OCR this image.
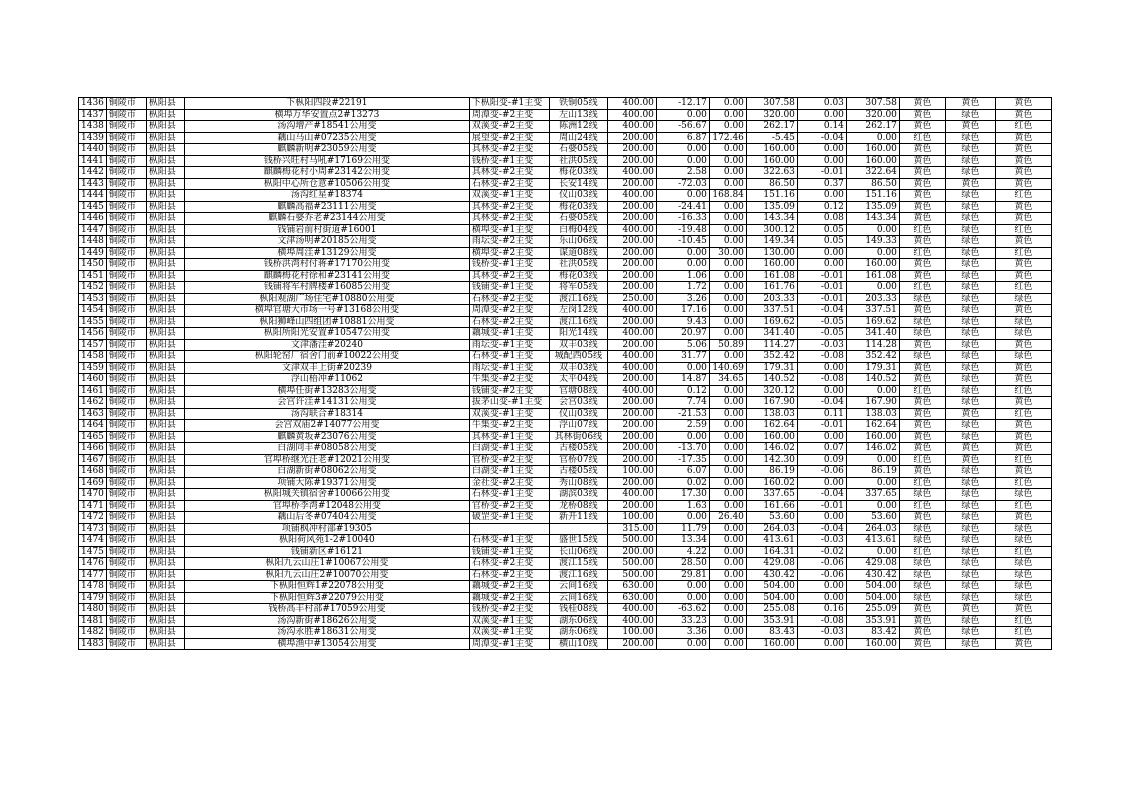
1436	铜陵市	枞阳县	下枞阳四段#22191	下枞阳变-#1主变	铁铜05线	400.00	-12.17	0.00	307.58	0.03	307.58	黄色	黄色	黄色
1437	铜陵市	枞阳县	横埠万华安置点2#13273	周潭变-#2主变	左山13线	400.00	0.00	0.00	320.00	0.00	320.00	黄色	绿色	黄色
1438	铜陵市	枞阳县	汤沟增产#18541公用变	双溪变-#2主变	陈洲12线	400.00	-56.67	0.00	262.17	0.14	262.17	黄色	黄色	红色
1439	铜陵市	枞阳县	藕山马山#07235公用变	展望变-#2主变	周山24线	200.00	6.87	172.46	-5.45	-0.04	0.00	红色	绿色	黄色
1440	铜陵市	枞阳县	麒麟新明#23059公用变	其林变-#2主变	石婆05线	200.00	0.00	0.00	160.00	0.00	160.00	黄色	绿色	黄色
1441	铜陵市	枞阳县	钱桥兴旺村马吼#17169公用变	钱桥变-#1主变	社洪05线	200.00	0.00	0.00	160.00	0.00	160.00	黄色	绿色	黄色
1442	铜陵市	枞阳县	麒麟梅花村小周#23142公用变	其林变-#2主变	梅花03线	400.00	2.58	0.00	322.63	-0.01	322.64	黄色	绿色	黄色
1443	铜陵市	枞阳县	枞阳中心所仓意#10506公用变	石林变-#2主变	长安14线	200.00	-72.03	0.00	86.50	0.37	86.50	黄色	黄色	黄色
1444	铜陵市	枞阳县	汤沟红星#18374	双溪变-#1主变	仪山03线	400.00	0.00	168.84	151.16	0.00	151.16	黄色	绿色	红色
1445	铜陵市	枞阳县	麒麟高福#23111公用变	其林变-#2主变	梅花03线	200.00	-24.41	0.00	135.09	0.12	135.09	黄色	绿色	黄色
1446	铜陵市	枞阳县	麒麟石婆乔老#23144公用变	其林变-#2主变	石婆05线	200.00	-16.33	0.00	143.34	0.08	143.34	黄色	绿色	黄色
1447	铜陵市	枞阳县	钱铺岩前村街道#16001	横埠变-#1主变	白梅04线	400.00	-19.48	0.00	300.12	0.05	0.00	红色	绿色	红色
1448	铜陵市	枞阳县	文津汤明#20185公用变	雨坛变-#2主变	乐山06线	200.00	-10.45	0.00	149.34	0.05	149.33	黄色	绿色	黄色
1449	铜陵市	枞阳县	横埠周洼#13129公用变	横埠变-#2主变	谋道08线	200.00	0.00	30.00	130.00	0.00	0.00	红色	绿色	红色
1450	铜陵市	枞阳县	钱桥洪湾村付蒋#17170公用变	钱桥变-#1主变	社洪05线	200.00	0.00	0.00	160.00	0.00	160.00	黄色	绿色	黄色
1451	铜陵市	枞阳县	麒麟梅花村徐和#23141公用变	其林变-#2主变	梅花03线	200.00	1.06	0.00	161.08	-0.01	161.08	黄色	绿色	黄色
1452	铜陵市	枞阳县	钱铺将军村牌楼#16085公用变	钱铺变-#1主变	将军05线	200.00	1.72	0.00	161.76	-0.01	0.00	红色	绿色	红色
1453	铜陵市	枞阳县	枞阳观湖广场住宅#10880公用变	石林变-#2主变	渡江16线	250.00	3.26	0.00	203.33	-0.01	203.33	绿色	绿色	绿色
1454	铜陵市	枞阳县	横埠官塘大市场一号#13168公用变	周潭变-#2主变	左岗12线	400.00	17.16	0.00	337.51	-0.04	337.51	黄色	绿色	黄色
1455	铜陵市	枞阳县	枞阳狮峰山四组团#10881公用变	石林变-#2主变	渡江16线	200.00	9.43	0.00	169.62	-0.05	169.62	绿色	绿色	绿色
1456	铜陵市	枞阳县	枞阳所阳光安置#10547公用变	藕城变-#1主变	阳光14线	400.00	20.97	0.00	341.40	-0.05	341.40	绿色	绿色	绿色
1457	铜陵市	枞阳县	文津潘洼#20240	雨坛变-#1主变	双丰03线	200.00	5.06	50.89	114.27	-0.03	114.28	黄色	绿色	黄色
1458	铜陵市	枞阳县	枞阳轮窑厂宿舍门前#10022公用变	石林变-#1主变	城配西05线	400.00	31.77	0.00	352.42	-0.08	352.42	绿色	绿色	绿色
1459	铜陵市	枞阳县	文津双丰上街#20239	雨坛变-#1主变	双丰03线	400.00	0.00	140.69	179.31	0.00	179.31	黄色	绿色	黄色
1460	铜陵市	枞阳县	浮山梧冲#11062	牛集变-#2主变	太平04线	200.00	14.87	34.65	140.52	-0.08	140.52	黄色	绿色	黄色
1461	铜陵市	枞阳县	横埠任街#13283公用变	钱铺变-#2主变	官塘08线	400.00	0.12	0.00	320.12	0.00	0.00	红色	绿色	红色
1462	铜陵市	枞阳县	会宫许洼#14131公用变	拔茅山变-#1主变	会宫03线	200.00	7.74	0.00	167.90	-0.04	167.90	黄色	绿色	黄色
1463	铜陵市	枞阳县	汤沟联合#18314	双溪变-#1主变	仪山03线	200.00	-21.53	0.00	138.03	0.11	138.03	黄色	黄色	红色
1464	铜陵市	枞阳县	会宫双庙2#14077公用变	牛集变-#2主变	浮山07线	200.00	2.59	0.00	162.64	-0.01	162.64	黄色	绿色	黄色
1465	铜陵市	枞阳县	麒麟黄坂#23076公用变	其林变-#1主变	其林街06线	200.00	0.00	0.00	160.00	0.00	160.00	黄色	绿色	黄色
1466	铜陵市	枞阳县	白湖同丰#08058公用变	白湖变-#1主变	古楼05线	200.00	-13.70	0.00	146.02	0.07	146.02	黄色	黄色	黄色
1467	铜陵市	枞阳县	官埠桥继光汪老#12021公用变	官桥变-#2主变	官桥07线	200.00	-17.35	0.00	142.30	0.09	0.00	红色	黄色	红色
1468	铜陵市	枞阳县	白湖新街#08062公用变	白湖变-#1主变	古楼05线	100.00	6.07	0.00	86.19	-0.06	86.19	黄色	绿色	黄色
1469	铜陵市	枞阳县	项铺大陈#19371公用变	金社变-#2主变	秀山08线	200.00	0.02	0.00	160.02	0.00	0.00	红色	绿色	红色
1470	铜陵市	枞阳县	枞阳城关镇宿舍#10066公用变	石林变-#1主变	湖滨03线	400.00	17.30	0.00	337.65	-0.04	337.65	绿色	绿色	绿色
1471	铜陵市	枞阳县	官埠桥李湾#12048公用变	官桥变-#2主变	龙桥08线	200.00	1.63	0.00	161.66	-0.01	0.00	红色	绿色	红色
1472	铜陵市	枞阳县	藕山后冬#07404公用变	破罡变-#1主变	新开11线	100.00	0.00	26.40	53.60	0.00	53.60	黄色	绿色	黄色
1473	铜陵市	枞阳县	项铺枫冲村部#19305			315.00	11.79	0.00	264.03	-0.04	264.03	绿色	绿色	绿色
1474	铜陵市	枞阳县	枞阳荷风苑1-2#10040	石林变-#1主变	盛世15线	500.00	13.34	0.00	413.61	-0.03	413.61	绿色	绿色	绿色
1475	铜陵市	枞阳县	钱铺新区#16121	钱铺变-#1主变	长山06线	200.00	4.22	0.00	164.31	-0.02	0.00	红色	绿色	红色
1476	铜陵市	枞阳县	枞阳九云山庄1#10067公用变	石林变-#2主变	渡江15线	500.00	28.50	0.00	429.08	-0.06	429.08	绿色	绿色	绿色
1477	铜陵市	枞阳县	枞阳九云山庄2#10070公用变	石林变-#2主变	渡江16线	500.00	29.81	0.00	430.42	-0.06	430.42	绿色	绿色	绿色
1478	铜陵市	枞阳县	下枞阳恒辉1#22078公用变	藕城变-#2主变	云间16线	630.00	0.00	0.00	504.00	0.00	504.00	绿色	绿色	绿色
1479	铜陵市	枞阳县	下枞阳恒辉3#22079公用变	藕城变-#2主变	云间16线	630.00	0.00	0.00	504.00	0.00	504.00	绿色	绿色	绿色
1480	铜陵市	枞阳县	钱桥高丰村部#17059公用变	钱桥变-#2主变	钱桂08线	400.00	-63.62	0.00	255.08	0.16	255.09	黄色	黄色	黄色
1481	铜陵市	枞阳县	汤沟新街#18626公用变	双溪变-#1主变	湖东06线	400.00	33.23	0.00	353.91	-0.08	353.91	黄色	绿色	红色
1482	铜陵市	枞阳县	汤沟永胜#18631公用变	双溪变-#1主变	湖东06线	100.00	3.36	0.00	83.43	-0.03	83.42	黄色	绿色	红色
1483	铜陵市	枞阳县	横埠渔中#13054公用变	周潭变-#1主变	横山10线	200.00	0.00	0.00	160.00	0.00	160.00	黄色	绿色	黄色
